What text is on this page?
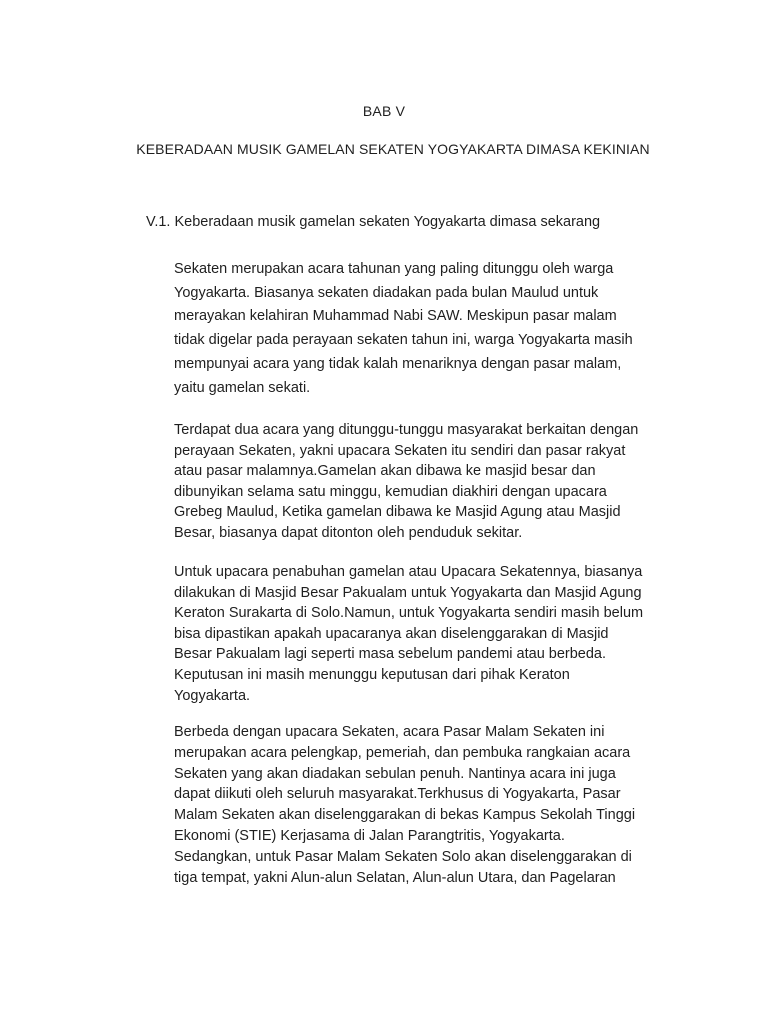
BAB V
KEBERADAAN MUSIK GAMELAN SEKATEN YOGYAKARTA DIMASA KEKINIAN
V.1. Keberadaan musik gamelan sekaten Yogyakarta dimasa sekarang

Sekaten merupakan acara tahunan yang paling ditunggu oleh warga
Yogyakarta. Biasanya sekaten diadakan pada bulan Maulud untuk
merayakan kelahiran Muhammad Nabi SAW. Meskipun pasar malam
tidak digelar pada perayaan sekaten tahun ini, warga Yogyakarta masih
mempunyai acara yang tidak kalah menariknya dengan pasar malam,
yaitu gamelan sekati.

Terdapat dua acara yang ditunggu-tunggu masyarakat berkaitan dengan
perayaan Sekaten, yakni upacara Sekaten itu sendiri dan pasar rakyat
atau pasar malamnya.Gamelan akan dibawa ke masjid besar dan
dibunyikan selama satu minggu, kemudian diakhiri dengan upacara
Grebeg Maulud, Ketika gamelan dibawa ke Masjid Agung atau Masjid
Besar, biasanya dapat ditonton oleh penduduk sekitar.

Untuk upacara penabuhan gamelan atau Upacara Sekatennya, biasanya
dilakukan di Masjid Besar Pakualam untuk Yogyakarta dan Masjid Agung
Keraton Surakarta di Solo.Namun, untuk Yogyakarta sendiri masih belum
bisa dipastikan apakah upacaranya akan diselenggarakan di Masjid
Besar Pakualam lagi seperti masa sebelum pandemi atau berbeda.
Keputusan ini masih menunggu keputusan dari pihak Keraton
Yogyakarta.

Berbeda dengan upacara Sekaten, acara Pasar Malam Sekaten ini
merupakan acara pelengkap, pemeriah, dan pembuka rangkaian acara
Sekaten yang akan diadakan sebulan penuh. Nantinya acara ini juga
dapat diikuti oleh seluruh masyarakat.Terkhusus di Yogyakarta, Pasar
Malam Sekaten akan diselenggarakan di bekas Kampus Sekolah Tinggi
Ekonomi (STIE) Kerjasama di Jalan Parangtritis, Yogyakarta.
Sedangkan, untuk Pasar Malam Sekaten Solo akan diselenggarakan di
tiga tempat, yakni Alun-alun Selatan, Alun-alun Utara, dan Pagelaran
